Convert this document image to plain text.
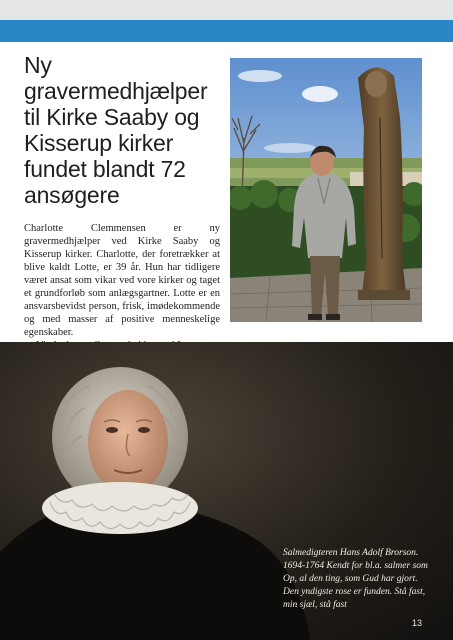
Ny gravermedhjælper til Kirke Saaby og Kisserup kirker fundet blandt 72 ansøgere

Charlotte Clemmensen er ny gravermedhjælper ved Kirke Saaby og Kisserup kirker. Charlotte, der foretrækker at blive kaldt Lotte, er 39 år. Hun har tidligere været ansat som vikar ved vore kirker og taget et grundforløb som anlægsgartner. Lotte er en ansvarsbevidst person, frisk, imødekommende og med masser af positive menneskelige egenskaber.

Salmedigteren Hans Adolf Brorson. 1694-1764 Kendt for bl.a. salmer som Op, al den ting, som Gud har gjort. Den yndigste rose er funden. Stå fast, min sjæl, stå fast

13
